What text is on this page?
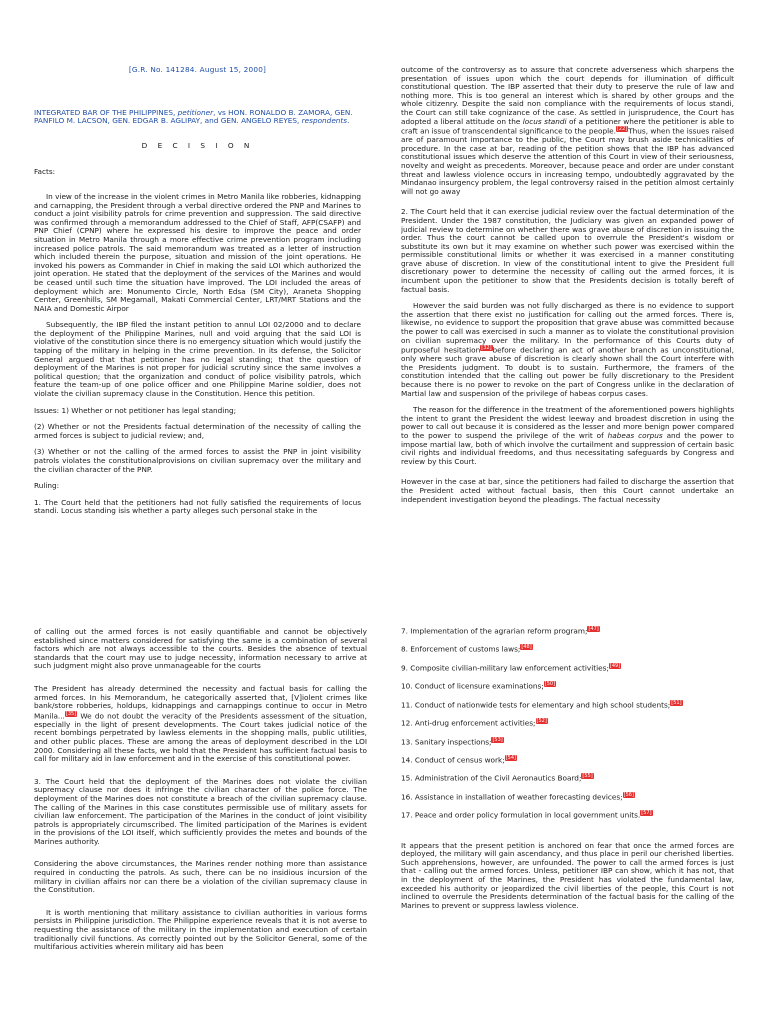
[G.R. No. 141284. August 15, 2000]

INTEGRATED BAR OF THE PHILIPPINES, petitioner, vs HON. RONALDO B. ZAMORA, GEN. PANFILO M. LACSON, GEN. EDGAR B. AGLIPAY, and GEN. ANGELO REYES, respondents.

D E C I S I O N

Facts:

In view of the increase in the violent crimes in Metro Manila like robberies, kidnapping and carnapping, the President through a verbal directive ordered the PNP and Marines to conduct a joint visibility patrols for crime prevention and suppression. The said directive was confirmed through a memorandum addressed to the Chief of Staff, AFP(CSAFP) and PNP Chief (CPNP) where he expressed his desire to improve the peace and order situation in Metro Manila through a more effective crime prevention program including increased police patrols. The said memorandum was treated as a letter of instruction which included therein the purpose, situation and mission of the joint operations. He invoked his powers as Commander in Chief in making the said LOI which authorized the joint operation. He stated that the deployment of the services of the Marines and would be ceased until such time the situation have improved. The LOI included the areas of deployment which are: Monumento Circle, North Edsa (SM City), Araneta Shopping Center, Greenhills, SM Megamall, Makati Commercial Center, LRT/MRT Stations and the NAIA and Domestic Airpor

Subsequently, the IBP filed the instant petition to annul LOI 02/2000 and to declare the deployment of the Philippine Marines, null and void arguing that the said LOI is violative of the constitution since there is no emergency situation which would justify the tapping of the military in helping in the crime prevention. In its defense, the Solicitor General argued that that petitioner has no legal standing; that the question of deployment of the Marines is not proper for judicial scrutiny since the same involves a political question; that the organization and conduct of police visibility patrols, which feature the team-up of one police officer and one Philippine Marine soldier, does not violate the civilian supremacy clause in the Constitution. Hence this petition.

Issues: 1) Whether or not petitioner has legal standing;

(2) Whether or not the Presidents factual determination of the necessity of calling the armed forces is subject to judicial review; and,

(3) Whether or not the calling of the armed forces to assist the PNP in joint visibility patrols violates the constitutionalprovisions on civilian supremacy over the military and the civilian character of the PNP.

Ruling:

1. The Court held that the petitioners had not fully satisfied the requirements of locus standi. Locus standing isis whether a party alleges such personal stake in the

outcome of the controversy as to assure that concrete adverseness which sharpens the presentation of issues upon which the court depends for illumination of difficult constitutional question. The IBP asserted that their duty to preserve the rule of law and nothing more. This is too general an interest which is shared by other groups and the whole citizenry. Despite the said non compliance with the requirements of locus standi, the Court can still take cognizance of the case. As settled in jurisprudence, the Court has adopted a liberal attitude on the locus standi of a petitioner where the petitioner is able to craft an issue of transcendental significance to the people.[22]Thus, when the issues raised are of paramount importance to the public, the Court may brush aside technicalities of procedure. In the case at bar, reading of the petition shows that the IBP has advanced constitutional issues which deserve the attention of this Court in view of their seriousness, novelty and weight as precedents. Moreover, because peace and order are under constant threat and lawless violence occurs in increasing tempo, undoubtedly aggravated by the Mindanao insurgency problem, the legal controversy raised in the petition almost certainly will not go away

2. The Court held that it can exercise judicial review over the factual determination of the President. Under the 1987 constitution, the Judiciary was given an expanded power of judicial review to determine on whether there was grave abuse of discretion in issuing the order. Thus the court cannot be called upon to overrule the President's wisdom or substitute its own but it may examine on whether such power was exercised within the permissible constitutional limits or whether it was exercised in a manner constituting grave abuse of discretion. In view of the constitutional intent to give the President full discretionary power to determine the necessity of calling out the armed forces, it is incumbent upon the petitioner to show that the Presidents decision is totally bereft of factual basis.

However the said burden was not fully discharged as there is no evidence to support the assertion that there exist no justification for calling out the armed forces. There is, likewise, no evidence to support the proposition that grave abuse was committed because the power to call was exercised in such a manner as to violate the constitutional provision on civilian supremacy over the military. In the performance of this Courts duty of purposeful hesitation[32]before declaring an act of another branch as unconstitutional, only where such grave abuse of discretion is clearly shown shall the Court interfere with the Presidents judgment. To doubt is to sustain. Furthermore, the framers of the constitution intended that the calling out power be fully discretionary to the President because there is no power to revoke on the part of Congress unlike in the declaration of Martial law and suspension of the privilege of habeas corpus cases.

The reason for the difference in the treatment of the aforementioned powers highlights the intent to grant the President the widest leeway and broadest discretion in using the power to call out because it is considered as the lesser and more benign power compared to the power to suspend the privilege of the writ of habeas corpus and the power to impose martial law, both of which involve the curtailment and suppression of certain basic civil rights and individual freedoms, and thus necessitating safeguards by Congress and review by this Court.

However in the case at bar, since the petitioners had failed to discharge the assertion that the President acted without factual basis, then this Court cannot undertake an independent investigation beyond the pleadings. The factual necessity

of calling out the armed forces is not easily quantifiable and cannot be objectively established since matters considered for satisfying the same is a combination of several factors which are not always accessible to the courts. Besides the absence of textual standards that the court may use to judge necessity, information necessary to arrive at such judgment might also prove unmanageable for the courts

The President has already determined the necessity and factual basis for calling the armed forces. In his Memorandum, he categorically asserted that, [V]iolent crimes like bank/store robberies, holdups, kidnappings and carnappings continue to occur in Metro Manila...[35] We do not doubt the veracity of the Presidents assessment of the situation, especially in the light of present developments. The Court takes judicial notice of the recent bombings perpetrated by lawless elements in the shopping malls, public utilities, and other public places. These are among the areas of deployment described in the LOI 2000. Considering all these facts, we hold that the President has sufficient factual basis to call for military aid in law enforcement and in the exercise of this constitutional power.

3. The Court held that the deployment of the Marines does not violate the civilian supremacy clause nor does it infringe the civilian character of the police force. The deployment of the Marines does not constitute a breach of the civilian supremacy clause. The calling of the Marines in this case constitutes permissible use of military assets for civilian law enforcement. The participation of the Marines in the conduct of joint visibility patrols is appropriately circumscribed. The limited participation of the Marines is evident in the provisions of the LOI itself, which sufficiently provides the metes and bounds of the Marines authority.

Considering the above circumstances, the Marines render nothing more than assistance required in conducting the patrols. As such, there can be no insidious incursion of the military in civilian affairs nor can there be a violation of the civilian supremacy clause in the Constitution.

It is worth mentioning that military assistance to civilian authorities in various forms persists in Philippine jurisdiction. The Philippine experience reveals that it is not averse to requesting the assistance of the military in the implementation and execution of certain traditionally civil functions. As correctly pointed out by the Solicitor General, some of the multifarious activities wherein military aid has been

7. Implementation of the agrarian reform program;[47]
8. Enforcement of customs laws;[48]
9. Composite civilian-military law enforcement activities;[49]
10. Conduct of licensure examinations;[50]
11. Conduct of nationwide tests for elementary and high school students;[51]
12. Anti-drug enforcement activities;[52]
13. Sanitary inspections;[53]
14. Conduct of census work;[54]
15. Administration of the Civil Aeronautics Board;[55]
16. Assistance in installation of weather forecasting devices;[56]
17. Peace and order policy formulation in local government units.[57]

It appears that the present petition is anchored on fear that once the armed forces are deployed, the military will gain ascendancy, and thus place in peril our cherished liberties. Such apprehensions, however, are unfounded. The power to call the armed forces is just that - calling out the armed forces. Unless, petitioner IBP can show, which it has not, that in the deployment of the Marines, the President has violated the fundamental law, exceeded his authority or jeopardized the civil liberties of the people, this Court is not inclined to overrule the Presidents determination of the factual basis for the calling of the Marines to prevent or suppress lawless violence.
